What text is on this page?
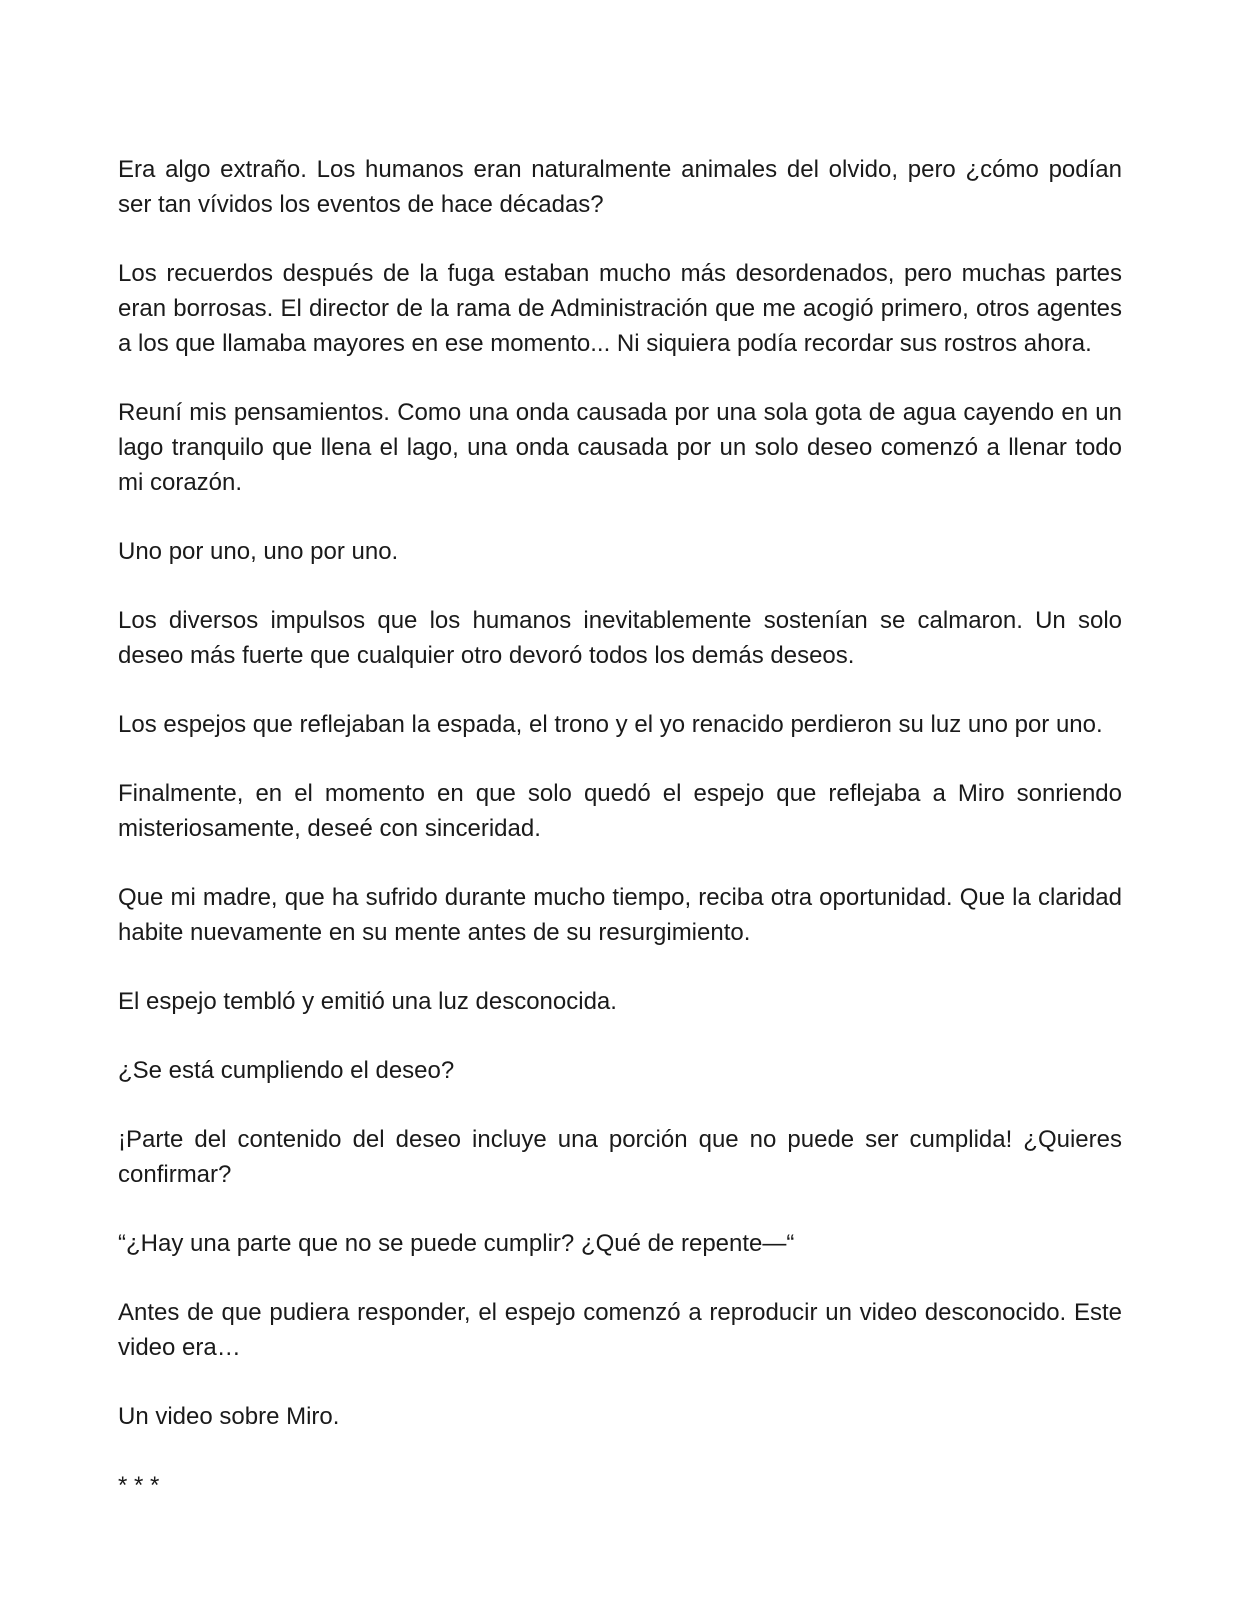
Era algo extraño. Los humanos eran naturalmente animales del olvido, pero ¿cómo podían ser tan vívidos los eventos de hace décadas?

Los recuerdos después de la fuga estaban mucho más desordenados, pero muchas partes eran borrosas. El director de la rama de Administración que me acogió primero, otros agentes a los que llamaba mayores en ese momento... Ni siquiera podía recordar sus rostros ahora.

Reuní mis pensamientos. Como una onda causada por una sola gota de agua cayendo en un lago tranquilo que llena el lago, una onda causada por un solo deseo comenzó a llenar todo mi corazón.

Uno por uno, uno por uno.

Los diversos impulsos que los humanos inevitablemente sostenían se calmaron. Un solo deseo más fuerte que cualquier otro devoró todos los demás deseos.

Los espejos que reflejaban la espada, el trono y el yo renacido perdieron su luz uno por uno.

Finalmente, en el momento en que solo quedó el espejo que reflejaba a Miro sonriendo misteriosamente, deseé con sinceridad.

Que mi madre, que ha sufrido durante mucho tiempo, reciba otra oportunidad. Que la claridad habite nuevamente en su mente antes de su resurgimiento.

El espejo tembló y emitió una luz desconocida.

¿Se está cumpliendo el deseo?

¡Parte del contenido del deseo incluye una porción que no puede ser cumplida! ¿Quieres confirmar?

“¿Hay una parte que no se puede cumplir? ¿Qué de repente—“

Antes de que pudiera responder, el espejo comenzó a reproducir un video desconocido. Este video era…

Un video sobre Miro.

* * *
